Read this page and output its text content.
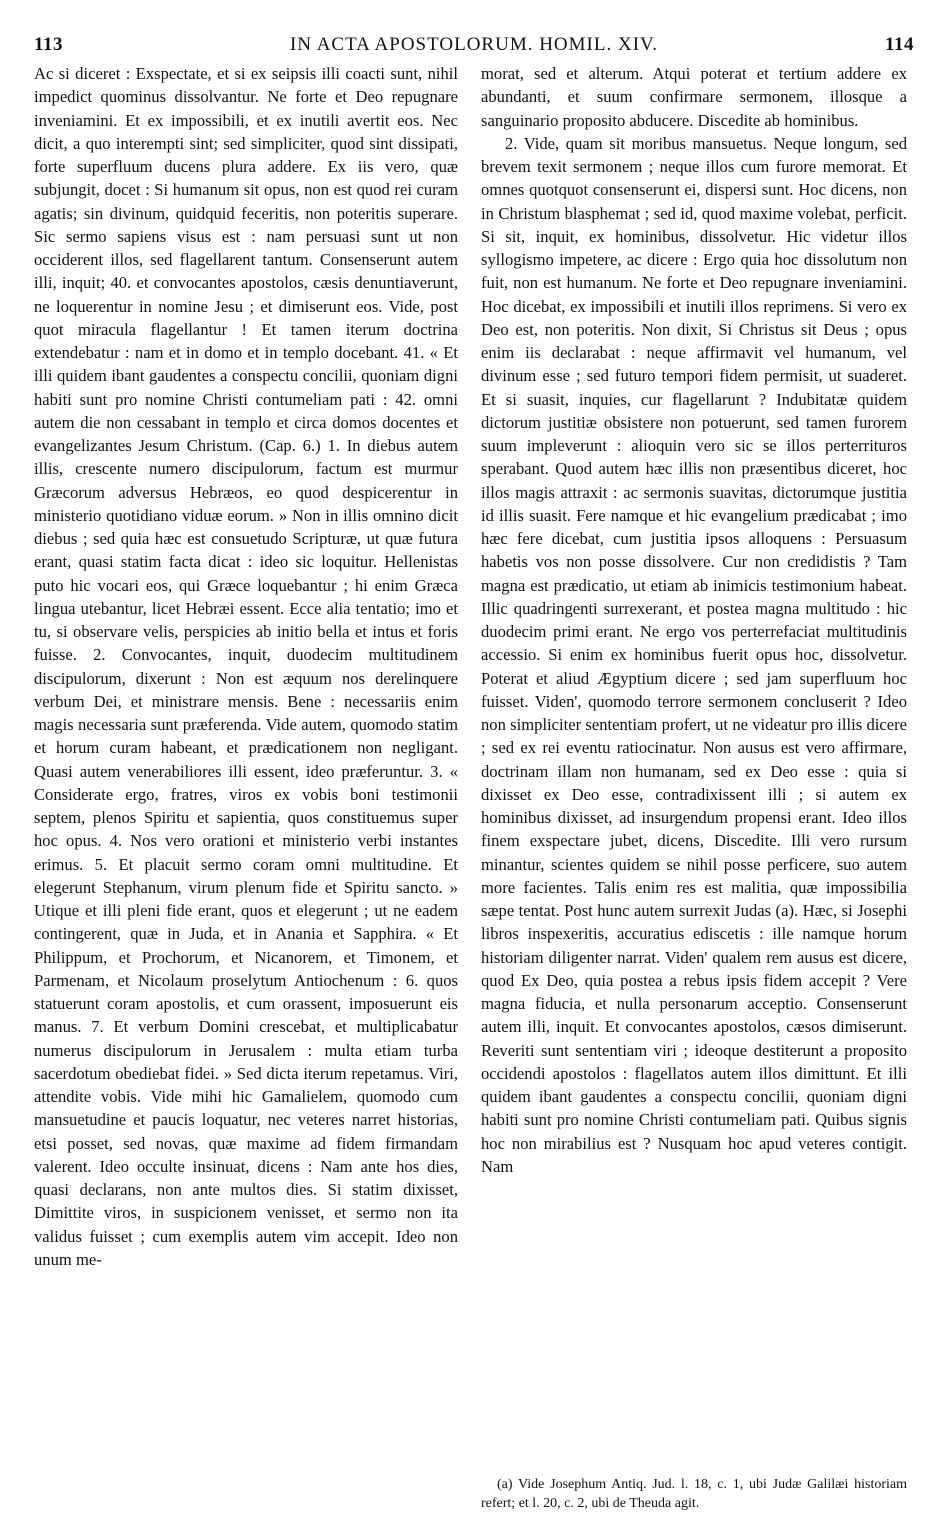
113	IN ACTA APOSTOLORUM. HOMIL. XIV.	114

Ac si diceret : Exspectate, et si ex seipsis illi coacti sunt, nihil impedict quominus dissolvantur. Ne forte et Deo repugnare inveniamini. Et ex impossibili, et ex inutili avertit eos. Nec dicit, a quo interempti sint; sed simpliciter, quod sint dissipati, forte superfluum ducens plura addere. Ex iis vero, quæ subjungit, docet : Si humanum sit opus, non est quod rei curam agatis; sin divinum, quidquid feceritis, non poteritis superare. Sic sermo sapiens visus est : nam persuasi sunt ut non occiderent illos, sed flagellarent tantum. Consenserunt autem illi, inquit; 40. et convocantes apostolos, cæsis denuntiaverunt, ne loquerentur in nomine Jesu ; et dimiserunt eos. Vide, post quot miracula flagellantur ! Et tamen iterum doctrina extendebatur : nam et in domo et in templo docebant. 41. « Et illi quidem ibant gaudentes a conspectu concilii, quoniam digni habiti sunt pro nomine Christi contumeliam pati : 42. omni autem die non cessabant in templo et circa domos docentes et evangelizantes Jesum Christum. (Cap. 6.) 1. In diebus autem illis, crescente numero discipulorum, factum est murmur Græcorum adversus Hebræos, eo quod despicerentur in ministerio quotidiano viduæ eorum. » Non in illis omnino dicit diebus ; sed quia hæc est consuetudo Scripturæ, ut quæ futura erant, quasi statim facta dicat : ideo sic loquitur. Hellenistas puto hic vocari eos, qui Græce loquebantur ; hi enim Græca lingua utebantur, licet Hebræi essent. Ecce alia tentatio; imo et tu, si observare velis, perspicies ab initio bella et intus et foris fuisse. 2. Convocantes, inquit, duodecim multitudinem discipulorum, dixerunt : Non est æquum nos derelinquere verbum Dei, et ministrare mensis. Bene : necessariis enim magis necessaria sunt præferenda. Vide autem, quomodo statim et horum curam habeant, et prædicationem non negligant. Quasi autem venerabiliores illi essent, ideo præferuntur. 3. « Considerate ergo, fratres, viros ex vobis boni testimonii septem, plenos Spiritu et sapientia, quos constituemus super hoc opus. 4. Nos vero orationi et ministerio verbi instantes erimus. 5. Et placuit sermo coram omni multitudine. Et elegerunt Stephanum, virum plenum fide et Spiritu sancto. » Utique et illi pleni fide erant, quos et elegerunt ; ut ne eadem contingerent, quæ in Juda, et in Anania et Sapphira. « Et Philippum, et Prochorum, et Nicanorem, et Timonem, et Parmenam, et Nicolaum proselytum Antiochenum : 6. quos statuerunt coram apostolis, et cum orassent, imposuerunt eis manus. 7. Et verbum Domini crescebat, et multiplicabatur numerus discipulorum in Jerusalem : multa etiam turba sacerdotum obediebat fidei. » Sed dicta iterum repetamus. Viri, attendite vobis. Vide mihi hic Gamalielem, quomodo cum mansuetudine et paucis loquatur, nec veteres narret historias, etsi posset, sed novas, quæ maxime ad fidem firmandam valerent. Ideo occulte insinuat, dicens : Nam ante hos dies, quasi declarans, non ante multos dies. Si statim dixisset, Dimittite viros, in suspicionem venisset, et sermo non ita validus fuisset ; cum exemplis autem vim accepit. Ideo non unum me-

morat, sed et alterum. Atqui poterat et tertium addere ex abundanti, et suum confirmare sermonem, illosque a sanguinario proposito abducere. Discedite ab hominibus.

2. Vide, quam sit moribus mansuetus. Neque longum, sed brevem texit sermonem ; neque illos cum furore memorat. Et omnes quotquot consenserunt ei, dispersi sunt. Hoc dicens, non in Christum blasphemat ; sed id, quod maxime volebat, perficit. Si sit, inquit, ex hominibus, dissolvetur. Hic videtur illos syllogismo impetere, ac dicere : Ergo quia hoc dissolutum non fuit, non est humanum. Ne forte et Deo repugnare inveniamini. Hoc dicebat, ex impossibili et inutili illos reprimens. Si vero ex Deo est, non poteritis. Non dixit, Si Christus sit Deus ; opus enim iis declarabat : neque affirmavit vel humanum, vel divinum esse ; sed futuro tempori fidem permisit, ut suaderet. Et si suasit, inquies, cur flagellarunt ? Indubitatæ quidem dictorum justitiæ obsistere non potuerunt, sed tamen furorem suum impleverunt : alioquin vero sic se illos perterrituros sperabant. Quod autem hæc illis non præsentibus diceret, hoc illos magis attraxit : ac sermonis suavitas, dictorumque justitia id illis suasit. Fere namque et hic evangelium prædicabat ; imo hæc fere dicebat, cum justitia ipsos alloquens : Persuasum habetis vos non posse dissolvere. Cur non credidistis ? Tam magna est prædicatio, ut etiam ab inimicis testimonium habeat. Illic quadringenti surrexerant, et postea magna multitudo : hic duodecim primi erant. Ne ergo vos perterrefaciat multitudinis accessio. Si enim ex hominibus fuerit opus hoc, dissolvetur. Poterat et aliud Ægyptium dicere ; sed jam superfluum hoc fuisset. Viden', quomodo terrore sermonem concluserit ? Ideo non simpliciter sententiam profert, ut ne videatur pro illis dicere ; sed ex rei eventu ratiocinatur. Non ausus est vero affirmare, doctrinam illam non humanam, sed ex Deo esse : quia si dixisset ex Deo esse, contradixissent illi ; si autem ex hominibus dixisset, ad insurgendum propensi erant. Ideo illos finem exspectare jubet, dicens, Discedite. Illi vero rursum minantur, scientes quidem se nihil posse perficere, suo autem more facientes. Talis enim res est malitia, quæ impossibilia sæpe tentat. Post hunc autem surrexit Judas (a). Hæc, si Josephi libros inspexeritis, accuratius ediscetis : ille namque horum historiam diligenter narrat. Viden' qualem rem ausus est dicere, quod Ex Deo, quia postea a rebus ipsis fidem accepit ? Vere magna fiducia, et nulla personarum acceptio. Consenserunt autem illi, inquit. Et convocantes apostolos, cæsos dimiserunt. Reveriti sunt sententiam viri ; ideoque destiterunt a proposito occidendi apostolos : flagellatos autem illos dimittunt. Et illi quidem ibant gaudentes a conspectu concilii, quoniam digni habiti sunt pro nomine Christi contumeliam pati. Quibus signis hoc non mirabilius est ? Nusquam hoc apud veteres contigit. Nam

(a) Vide Josephum Antiq. Jud. l. 18, c. 1, ubi Judæ Galilæi historiam refert; et l. 20, c. 2, ubi de Theuda agit.
